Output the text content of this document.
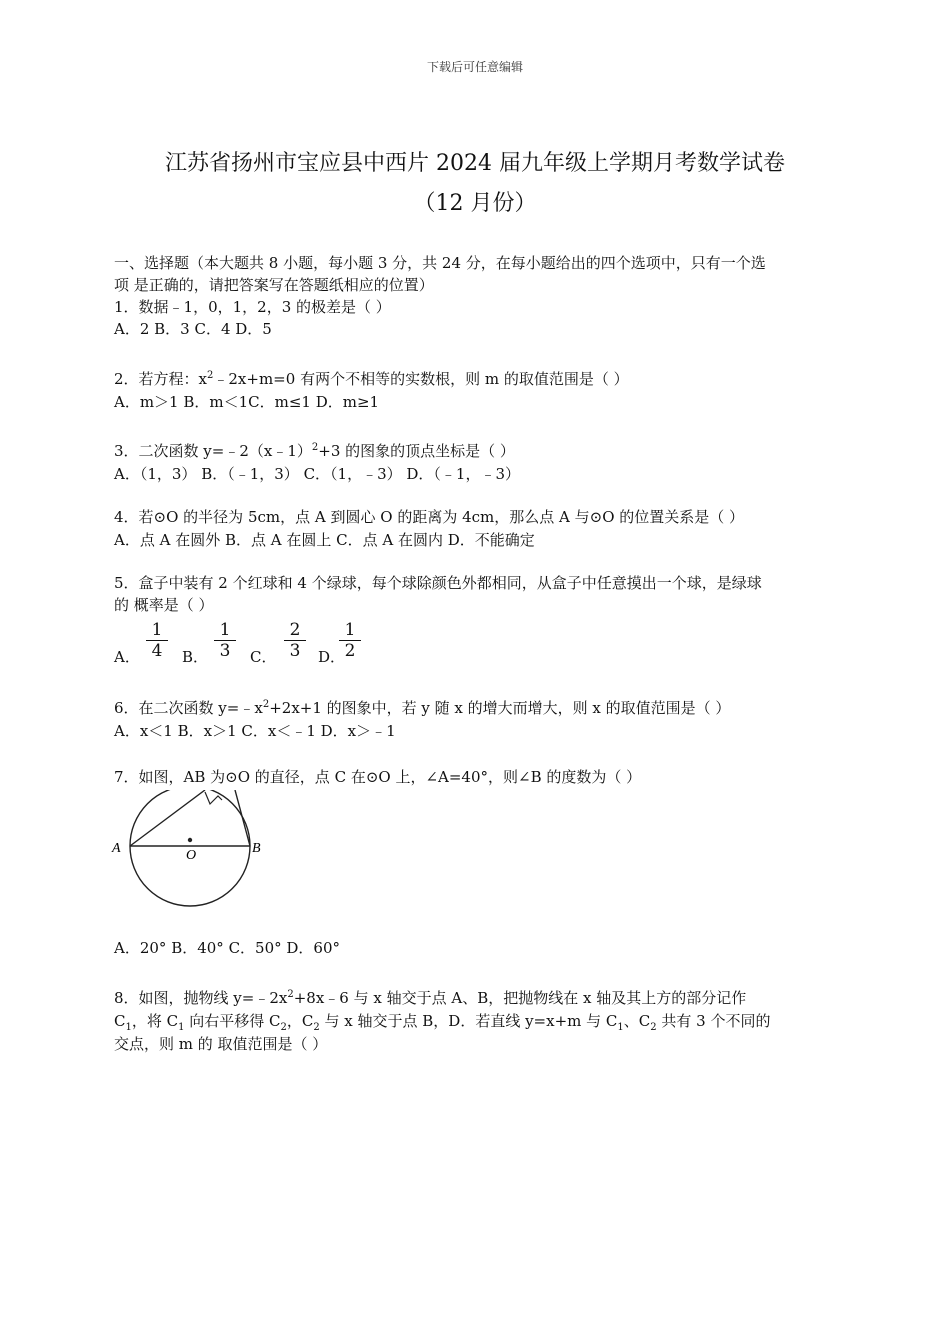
下载后可任意编辑
江苏省扬州市宝应县中西片 2024 届九年级上学期月考数学试卷
（12 月份）
一、选择题（本大题共 8 小题，每小题 3 分，共 24 分，在每小题给出的四个选项中，只有一个选
项 是正确的，请把答案写在答题纸相应的位置）
1．数据﹣1，0，1，2，3 的极差是（ ）
A．2 B．3 C．4 D．5
2．若方程：$x^2﹣2x+m=0$ 有两个不相等的实数根，则 m 的取值范围是（ ）
A．m＞1 B．m＜1C．m≤1 D．m≥1
3．二次函数 y=﹣2（x﹣1）$^2$+3 的图象的顶点坐标是（ ）
A．（1，3） B．（﹣1，3） C．（1，﹣3） D．（﹣1，﹣3）
4．若⊙O 的半径为 5cm，点 A 到圆心 O 的距离为 4cm，那么点 A 与⊙O 的位置关系是（ ）
A．点 A 在圆外 B．点 A 在圆上 C．点 A 在圆内 D．不能确定
5．盒子中装有 2 个红球和 4 个绿球，每个球除颜色外都相同，从盒子中任意摸出一个球，是绿球
的 概率是（ ）
A． $\frac{1}{4}$ B． $\frac{1}{3}$ C． $\frac{2}{3}$ D．
$\frac{1}{2}$
6．在二次函数 $y=﹣x^2+2x+1$ 的图象中，若 y 随 x 的增大而增大，则 x 的取值范围是（ ）
A．x＜1 B．x＞1 C．x＜﹣1 D．x＞﹣1
7．如图，AB 为⊙O 的直径，点 C 在⊙O 上，∠A=40°，则∠B 的度数为（ ）
A	O	B
A．20° B．40° C．50° D．60°
8．如图，抛物线 $y=﹣2x^2+8x﹣6$ 与 x 轴交于点 A、B，把抛物线在 x 轴及其上方的部分记作
$C_1$，将 $C_1$ 向右平移得 $C_2$，$C_2$ 与 x 轴交于点 B，D．若直线 y=x+m 与 $C_1$、$C_2$ 共有 3 个不同的
交点，则 m 的 取值范围是（ ）
